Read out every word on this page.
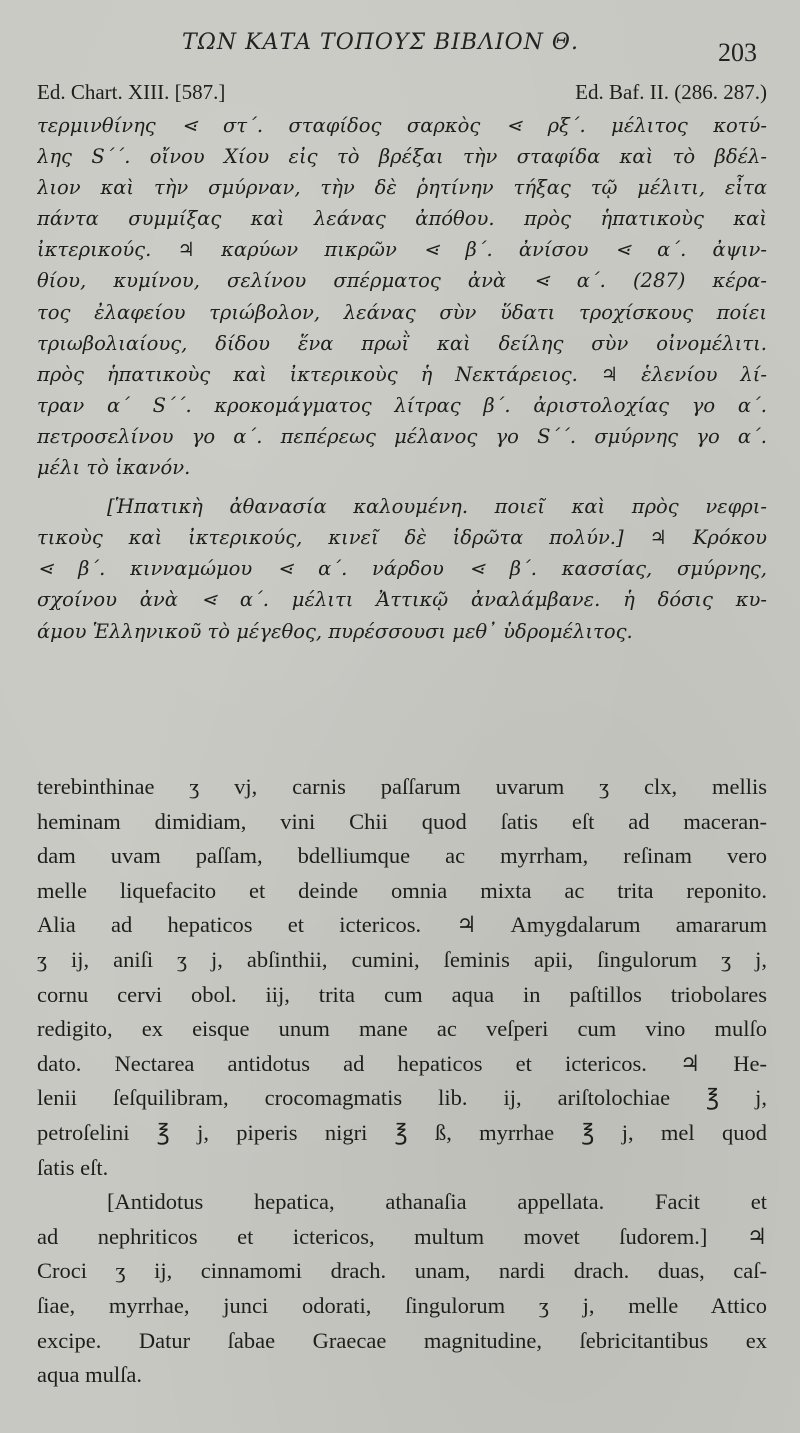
ΤΩΝ ΚΑΤΑ ΤΟΠΟΥΣ ΒΙΒΛΙΟΝ Θ.	203
Ed. Chart. XIII. [587.]	Ed. Baf. II. (286. 287.)
τερμινθίνης ⋖ στ΄. σταφίδος σαρκὸς ⋖ ρξ΄. μέλιτος κοτύ-
λης S΄΄. οἴνου Χίου εἰς τὸ βρέξαι τὴν σταφίδα καὶ τὸ βδέλ-
λιον καὶ τὴν σμύρναν, τὴν δὲ ῥητίνην τήξας τῷ μέλιτι, εἶτα
πάντα συμμίξας καὶ λεάνας ἀπόθου. πρὸς ἡπατικοὺς καὶ
ἰκτερικούς. ♃ καρύων πικρῶν ⋖ β΄. ἀνίσου ⋖ α΄. ἀψιν-
θίου, κυμίνου, σελίνου σπέρματος ἀνὰ ⋖ α΄. (287) κέρα-
τος ἐλαφείου τριώβολον, λεάνας σὺν ὕδατι τροχίσκους ποίει
τριωβολιαίους, δίδου ἕνα πρωῒ καὶ δείλης σὺν οἰνομέλιτι.
πρὸς ἡπατικοὺς καὶ ἰκτερικοὺς ἡ Νεκτάρειος. ♃ ἑλενίου λί-
τραν α΄ S΄΄. κροκομάγματος λίτρας β΄. ἀριστολοχίας γο α΄.
πετροσελίνου γο α΄. πεπέρεως μέλανος γο S΄΄. σμύρνης γο α΄.
μέλι τὸ ἱκανόν.
[Ἡπατικὴ ἀθανασία καλουμένη. ποιεῖ καὶ πρὸς νεφρι-
τικοὺς καὶ ἰκτερικούς, κινεῖ δὲ ἱδρῶτα πολύν.] ♃ Κρόκου
⋖ β΄. κινναμώμου ⋖ α΄. νάρδου ⋖ β΄. κασσίας, σμύρνης,
σχοίνου ἀνὰ ⋖ α΄. μέλιτι Ἀττικῷ ἀναλάμβανε. ἡ δόσις κυ-
άμου Ἑλληνικοῦ τὸ μέγεθος, πυρέσσουσι μεθ᾽ ὑδρομέλιτος.
terebinthinae ʒ vj, carnis paſſarum uvarum ʒ clx, mellis
heminam dimidiam, vini Chii quod ſatis eſt ad maceran-
dam uvam paſſam, bdelliumque ac myrrham, reſinam vero
melle liquefacito et deinde omnia mixta ac trita reponito.
Alia ad hepaticos et ictericos. ♃ Amygdalarum amararum
ʒ ij, aniſi ʒ j, abſinthii, cumini, ſeminis apii, ſingulorum ʒ j,
cornu cervi obol. iij, trita cum aqua in paſtillos triobolares
redigito, ex eisque unum mane ac veſperi cum vino mulſo
dato. Nectarea antidotus ad hepaticos et ictericos. ♃ He-
lenii ſeſquilibram, crocomagmatis lib. ij, ariſtolochiae ℥ j,
petroſelini ℥ j, piperis nigri ℥ ß, myrrhae ℥ j, mel quod
ſatis eſt.
[Antidotus hepatica, athanaſia appellata. Facit et
ad nephriticos et ictericos, multum movet ſudorem.] ♃
Croci ʒ ij, cinnamomi drach. unam, nardi drach. duas, caſ-
ſiae, myrrhae, junci odorati, ſingulorum ʒ j, melle Attico
excipe. Datur ſabae Graecae magnitudine, ſebricitantibus ex
aqua mulſa.
